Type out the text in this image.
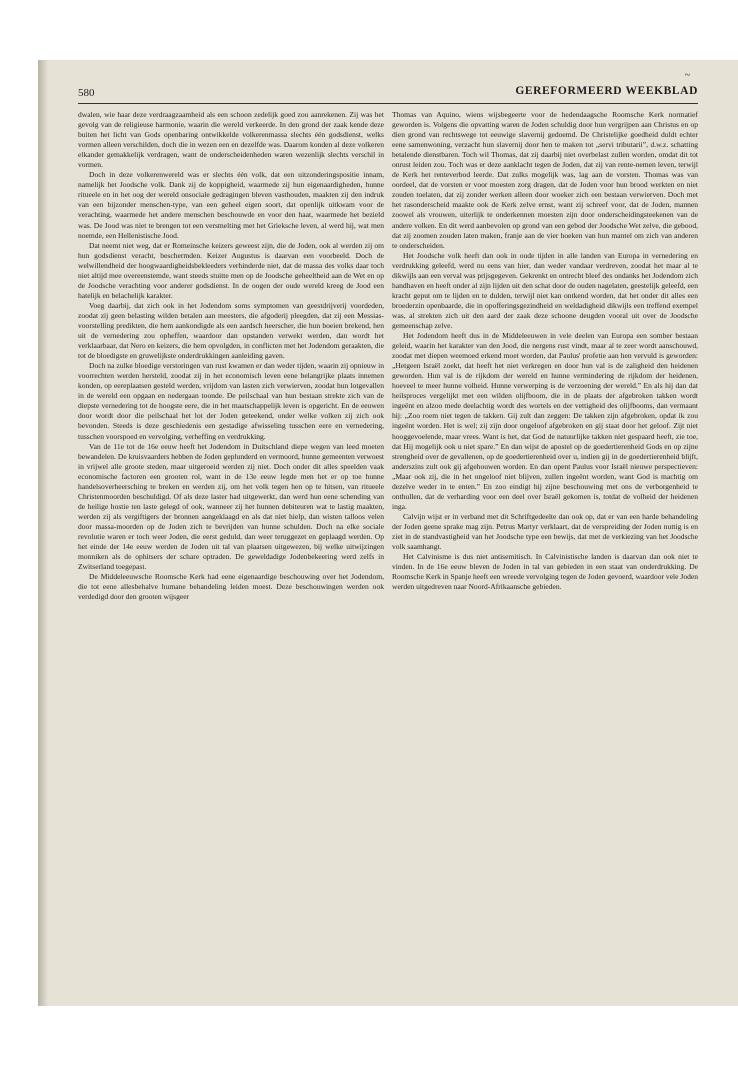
~
580	GEREFORMEERD WEEKBLAD

dwalen, wie haar deze verdraagzaamheid als een schoon zedelijk goed zou aanrekenen. Zij was het gevolg van de religieuse harmonie, waarin die wereld verkeerde. In den grond der zaak kende deze buiten het licht van Gods openbaring ontwikkelde volkerenmassa slechts één godsdienst, welks vormen alleen verschilden, doch die in wezen een en dezelfde was. Daarom konden al deze volkeren elkander gemakkelijk verdragen, want de onderscheidenheden waren wezenlijk slechts verschil in vormen.

Doch in deze volkerenwereld was er slechts één volk, dat een uitzonderingspositie innam, namelijk het Joodsche volk. Dank zij de koppigheid, waarmede zij hun eigenaardigheden, hunne ritueele en in het oog der wereld onsociale gedragingen bleven vasthouden, maakten zij den indruk van een bijzonder menschen-type, van een geheel eigen soort, dat openlijk uitkwam voor de verachting, waarmede het andere menschen beschouwde en voor den haat, waarmede het bezield was. De Jood was niet te brengen tot een versmelting met het Grieksche leven, al werd hij, wat men noemde, een Hellenistische Jood.

Dat neemt niet weg, dat er Romeinsche keizers geweest zijn, die de Joden, ook al werden zij om hun godsdienst veracht, beschermden. Keizer Augustus is daarvan een voorbeeld. Doch de welwillendheid der hoogwaardigheidsbekleeders verhinderde niet, dat de massa des volks daar toch niet altijd mee overeenstemde, want steeds stuitte men op de Joodsche geheeltheid aan de Wet en op de Joodsche verachting voor anderer godsdienst. In de oogen der oude wereld kreeg de Jood een hatelijk en belachelijk karakter.

Voeg daarbij, dat zich ook in het Jodendom soms symptomen van geestdrijverij voordeden, zoodat zij geen belasting wilden betalen aan meesters, die afgoderij pleegden, dat zij een Messias-voorstelling predikten, die hem aankondigde als een aardsch heerscher, die hun boeien brekend, hen uit de vernedering zou opheffen, waardoor dan opstanden verwekt werden, dan wordt het verklaarbaar, dat Nero en keizers, die hem opvolgden, in conflicten met het Jodendom geraakten, die tot de bloedigste en gruwelijkste onderdrukkingen aanleiding gaven.

Doch na zulke bloedige verstoringen van rust kwamen er dan weder tijden, waarin zij opnieuw in voorrechten werden hersteld, zoodat zij in het economisch leven eene belangrijke plaats innemen konden, op eereplaatsen gesteld werden, vrijdom van lasten zich verwierven, zoodat hun lotgevallen in de wereld een opgaan en nedergaan toonde. De peilschaal van hun bestaan strekte zich van de diepste vernedering tot de hoogste eere, die in het maatschappelijk leven is opgericht. En de eeuwen door wordt door die peilschaal het lot der Joden geteekend, onder welke volken zij zich ook bevonden. Steeds is deze geschiedenis een gestadige afwisseling tusschen eere en vernedering, tusschen voorspoed en vervolging, verheffing en verdrukking.

Van de 11e tot de 16e eeuw heeft het Jodendom in Duitschland diepe wegen van leed moeten bewandelen. De kruisvaarders hebben de Joden geplunderd en vermoord, hunne gemeenten verwoest in vrijwel alle groote steden, maar uitgeroeid werden zij niet. Doch onder dit alles speelden vaak economische factoren een grooten rol, want in de 13e eeuw legde men het er op toe hunne handelsoverheersching te breken en werden zij, om het volk tegen hen op te hitsen, van ritueele Christenmoorden beschuldigd. Of als deze laster had uitgewerkt, dan werd hun eene schending van de heilige hostie ten laste gelegd of ook, wanneer zij het hunnen debiteuren wat te lastig maakten, werden zij als vergiftigers der bronnen aangeklaagd en als dat niet hielp, dan wisten talloos velen door massa-moorden op de Joden zich te bevrijden van hunne schulden. Doch na elke sociale revolutie waren er toch weer Joden, die eerst geduld, dan weer teruggezet en geplaagd werden. Op het einde der 14e eeuw werden de Joden uit tal van plaatsen uitgewezen, bij welke uitwijzingen monniken als de ophitsers der schare optraden. De geweldadige Jodenbekeering werd zelfs in Zwitserland toegepast.

De Middeleeuwsche Roomsche Kerk had eene eigenaardige beschouwing over het Jodendom, die tot eene allesbehalve humane behandeling leiden moest. Deze beschouwingen werden ook verdedigd door den grooten wijsgeer

Thomas van Aquino, wiens wijsbegeerte voor de hedendaagsche Roomsche Kerk normatief geworden is. Volgens die opvatting waren de Joden schuldig door hun vergrijpen aan Christus en op dien grond van rechtswege tot eeuwige slavernij gedoemd. De Christelijke goedheid duldt echter eene samenwoning, verzacht hun slavernij door hen te maken tot „servi tributarii”, d.w.z. schatting betalende dienstbaren. Toch wil Thomas, dat zij daarbij niet overbelast zullen worden, omdat dit tot onrust leiden zou. Toch was er deze aanklacht tegen de Joden, dat zij van rente-nemen leven, terwijl de Kerk het renteverbod leerde. Dat zulks mogelijk was, lag aan de vorsten. Thomas was van oordeel, dat de vorsten er voor moesten zorg dragen, dat de Joden voor hun brood werkten en niet zouden toelaten, dat zij zonder werken alleen door woeker zich een bestaan verwierven. Doch met het rasonderscheid maakte ook de Kerk zelve ernst, want zij schreef voor, dat de Joden, mannen zoowel als vrouwen, uiterlijk te onderkennen moesten zijn door onderscheidingsteekenen van de andere volken. En dit werd aanbevolen op grond van een gebod der Joodsche Wet zelve, die gebood, dat zij zoomen zouden laten maken, franje aan de vier hoeken van hun mantel om zich van anderen te onderscheiden.

Het Joodsche volk heeft dan ook in oude tijden in alle landen van Europa in vernedering en verdrukking geleefd, werd nu eens van hier, dan weder vandaar verdreven, zoodat het maar al te dikwijls aan een verval was prijsgegeven. Gekrenkt en ontrecht bleef des ondanks het Jodendom zich handhaven en heeft onder al zijn lijden uit den schat door de ouden nagelaten, geestelijk geleefd, een kracht geput om te lijden en te dulden, terwijl niet kan ontkend worden, dat het onder dit alles een broederzin openbaarde, die in opofferingsgezindheid en weldadigheid dikwijls een treffend exempel was, al strekten zich uit den aard der zaak deze schoone deugden vooral uit over de Joodsche gemeenschap zelve.

Het Jodendom heeft dus in de Middeleeuwen in vele deelen van Europa een somber bestaan geleid, waarin het karakter van den Jood, die nergens rust vindt, maar al te zeer wordt aanschouwd, zoodat met diepen weemoed erkend moet worden, dat Paulus' profetie aan hen vervuld is geworden: „Hetgeen Israël zoekt, dat heeft het niet verkregen en door hun val is de zaligheid den heidenen geworden. Hun val is de rijkdom der wereld en hunne vermindering de rijkdom der heidenen, hoeveel te meer hunne volheid. Hunne verwerping is de verzoening der wereld.” En als hij dan dat heilsproces vergelijkt met een wilden olijfboom, die in de plaats der afgebroken takken wordt ingeënt en alzoo mede deelachtig wordt des wortels en der vettigheid des olijfbooms, dan vermaant hij: „Zoo roem niet tegen de takken. Gij zult dan zeggen: De takken zijn afgebroken, opdat ik zou ingeënt worden. Het is wel; zij zijn door ongeloof afgebroken en gij staat door het geloof. Zijt niet hooggevoelende, maar vrees. Want is het, dat God de natuurlijke takken niet gespaard heeft, zie toe, dat Hij mogelijk ook u niet spare.” En dan wijst de apostel op de goedertierenheid Gods en op zijne strengheid over de gevallenen, op de goedertierenheid over u, indien gij in de goedertierenheid blijft, anderszins zult ook gij afgehouwen worden. En dan opent Paulus voor Israël nieuwe perspectieven: „Maar ook zij, die in het ongeloof niet blijven, zullen ingeënt worden, want God is machtig om dezelve weder in te enten.” En zoo eindigt hij zijne beschouwing met ons de verborgenheid te onthullen, dat de verharding voor een deel over Israël gekomen is, totdat de volheid der heidenen inga.

Calvijn wijst er in verband met dit Schriftgedeelte dan ook op, dat er van een harde behandeling der Joden geene sprake mag zijn. Petrus Martyr verklaart, dat de verspreiding der Joden nuttig is en ziet in de standvastigheid van het Joodsche type een bewijs, dat met de verkiezing van het Joodsche volk saamhangt.

Het Calvinisme is dus niet antisemitisch. In Calvinistische landen is daarvan dan ook niet te vinden. In de 16e eeuw bleven de Joden in tal van gebieden in een staat van onderdrukking. De Roomsche Kerk in Spanje heeft een wreede vervolging tegen de Joden gevoerd, waardoor vele Joden werden uitgedreven naar Noord-Afrikaansche gebieden.
